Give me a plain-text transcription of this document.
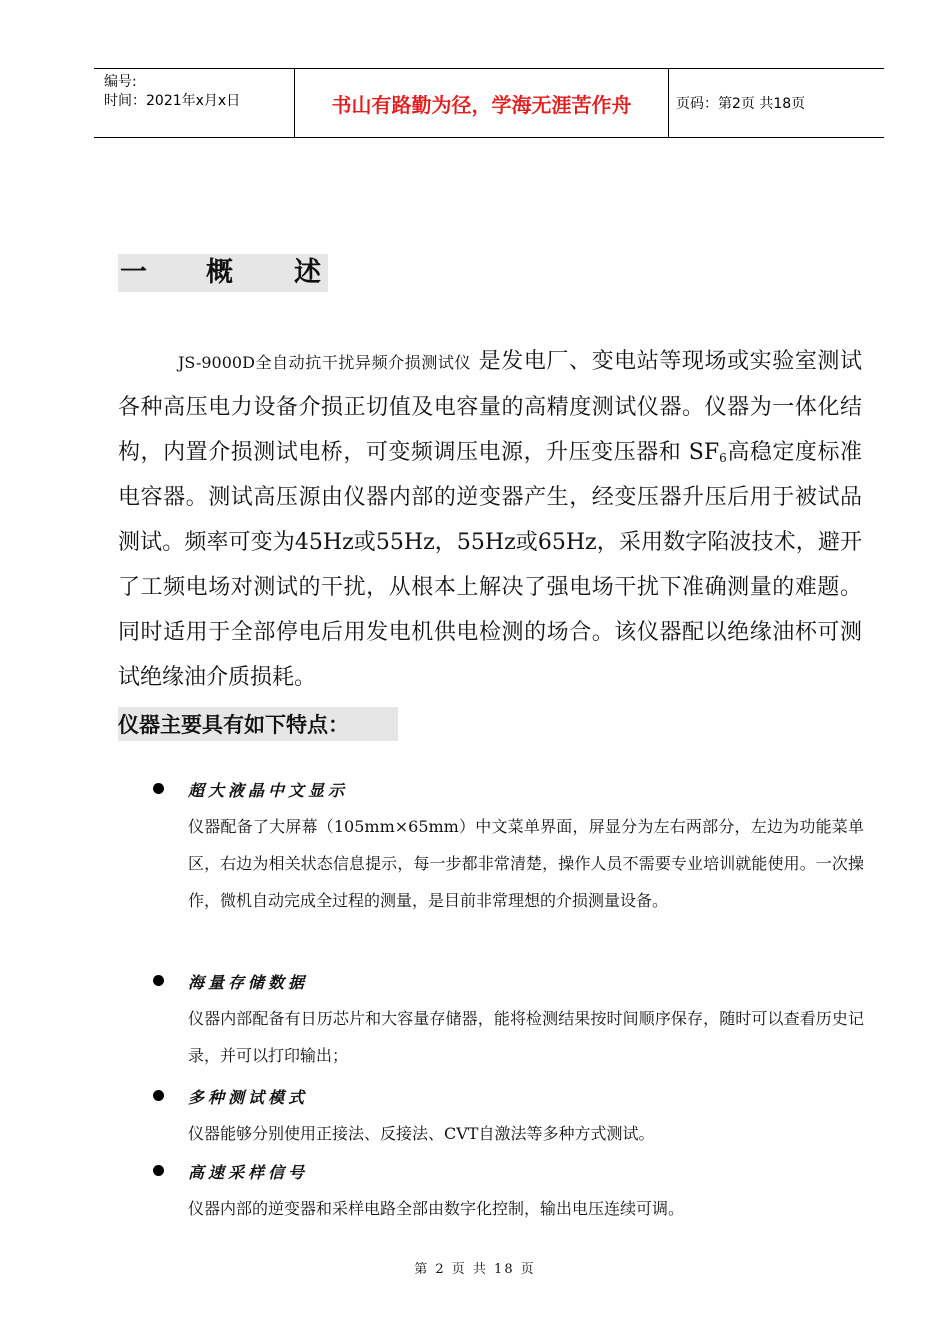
编号:
时间：2021年x月x日	书山有路勤为径，学海无涯苦作舟	页码：第2页 共18页
一 概 述

JS-9000D全自动抗干扰异频介损测试仪 是发电厂、变电站等现场或实验室测试各种高压电力设备介损正切值及电容量的高精度测试仪器。仪器为一体化结构，内置介损测试电桥，可变频调压电源，升压变压器和 $SF_6$高稳定度标准电容器。测试高压源由仪器内部的逆变器产生，经变压器升压后用于被试品测试。频率可变为45Hz或55Hz，55Hz或65Hz，采用数字陷波技术，避开了工频电场对测试的干扰，从根本上解决了强电场干扰下准确测量的难题。同时适用于全部停电后用发电机供电检测的场合。该仪器配以绝缘油杯可测试绝缘油介质损耗。

仪器主要具有如下特点：
超大液晶中文显示
仪器配备了大屏幕（105mm×65mm）中文菜单界面，屏显分为左右两部分，左边为功能菜单区，右边为相关状态信息提示，每一步都非常清楚，操作人员不需要专业培训就能使用。一次操作，微机自动完成全过程的测量，是目前非常理想的介损测量设备。
海量存储数据
仪器内部配备有日历芯片和大容量存储器，能将检测结果按时间顺序保存，随时可以查看历史记录，并可以打印输出；
多种测试模式
仪器能够分别使用正接法、反接法、CVT自激法等多种方式测试。
高速采样信号
仪器内部的逆变器和采样电路全部由数字化控制，输出电压连续可调。
第 2 页 共 18 页
